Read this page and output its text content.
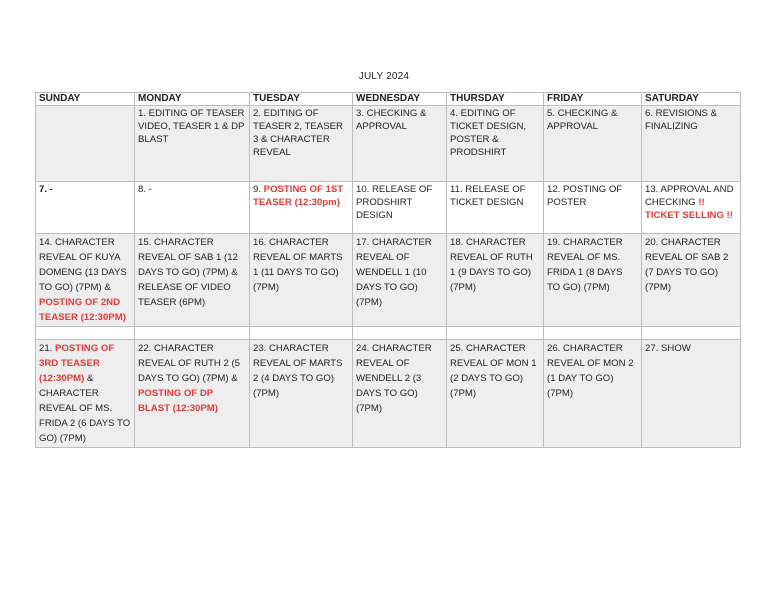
JULY 2024
SUNDAY	MONDAY	TUESDAY	WEDNESDAY	THURSDAY	FRIDAY	SATURDAY
	1. EDITING OF TEASER VIDEO, TEASER 1 & DP BLAST	2. EDITING OF TEASER 2, TEASER 3 & CHARACTER REVEAL	3. CHECKING & APPROVAL	4. EDITING OF TICKET DESIGN, POSTER & PRODSHIRT	5. CHECKING & APPROVAL	6. REVISIONS & FINALIZING
7. -	8. -	9. POSTING OF 1ST TEASER (12:30pm)	10. RELEASE OF PRODSHIRT DESIGN	11. RELEASE OF TICKET DESIGN	12. POSTING OF POSTER	13. APPROVAL AND CHECKING !! TICKET SELLING !!
14. CHARACTER REVEAL OF KUYA DOMENG (13 DAYS TO GO) (7PM) & POSTING OF 2ND TEASER (12:30PM)	15. CHARACTER REVEAL OF SAB 1 (12 DAYS TO GO) (7PM) & RELEASE OF VIDEO TEASER (6PM)	16. CHARACTER REVEAL OF MARTS 1 (11 DAYS TO GO) (7PM)	17. CHARACTER REVEAL OF WENDELL 1 (10 DAYS TO GO) (7PM)	18. CHARACTER REVEAL OF RUTH 1 (9 DAYS TO GO) (7PM)	19. CHARACTER REVEAL OF MS. FRIDA 1 (8 DAYS TO GO) (7PM)	20. CHARACTER REVEAL OF SAB 2 (7 DAYS TO GO) (7PM)

21. POSTING OF 3RD TEASER (12:30PM) & CHARACTER REVEAL OF MS. FRIDA 2 (6 DAYS TO GO) (7PM)	22. CHARACTER REVEAL OF RUTH 2 (5 DAYS TO GO) (7PM) & POSTING OF DP BLAST (12:30PM)	23. CHARACTER REVEAL OF MARTS 2 (4 DAYS TO GO) (7PM)	24. CHARACTER REVEAL OF WENDELL 2 (3 DAYS TO GO) (7PM)	25. CHARACTER REVEAL OF MON 1 (2 DAYS TO GO) (7PM)	26. CHARACTER REVEAL OF MON 2 (1 DAY TO GO) (7PM)	27. SHOW
